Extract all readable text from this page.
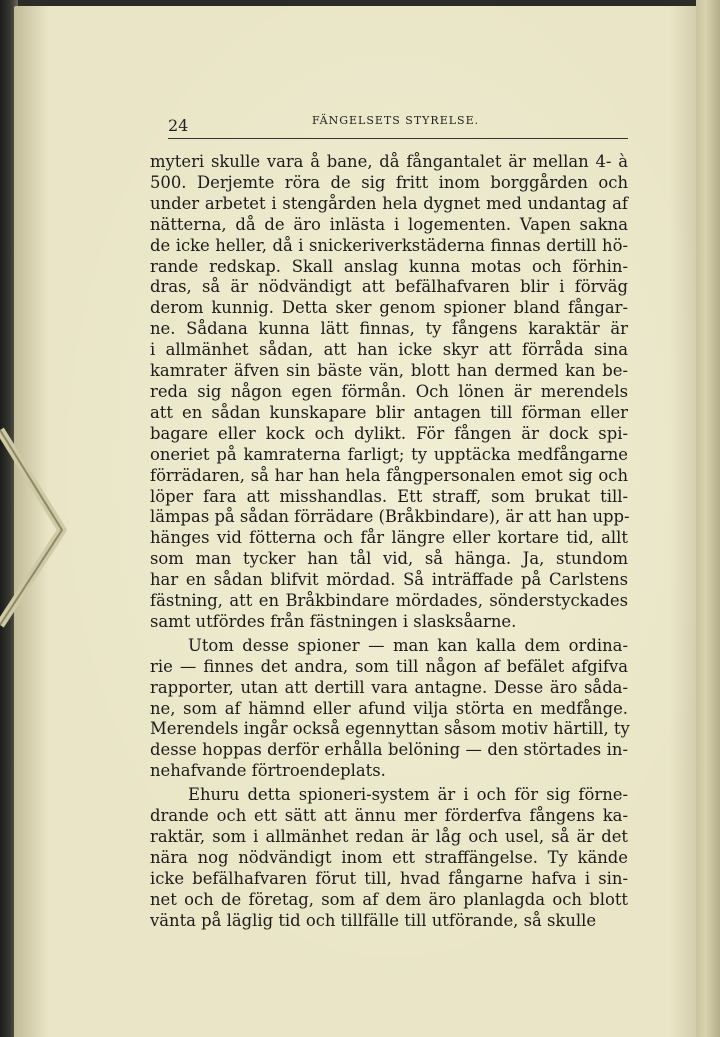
24	FÄNGELSETS STYRELSE.
myteri skulle vara å bane, då fångantalet är mellan 4- à
500. Derjemte röra de sig fritt inom borggården och
under arbetet i stengården hela dygnet med undantag af
nätterna, då de äro inlästa i logementen. Vapen sakna
de icke heller, då i snickeriverkstäderna finnas dertill hö-
rande redskap. Skall anslag kunna motas och förhin-
dras, så är nödvändigt att befälhafvaren blir i förväg
derom kunnig. Detta sker genom spioner bland fångar-
ne. Sådana kunna lätt finnas, ty fångens karaktär är
i allmänhet sådan, att han icke skyr att förråda sina
kamrater äfven sin bäste vän, blott han dermed kan be-
reda sig någon egen förmån. Och lönen är merendels
att en sådan kunskapare blir antagen till förman eller
bagare eller kock och dylikt. För fången är dock spi-
oneriet på kamraterna farligt; ty upptäcka medfångarne
förrädaren, så har han hela fångpersonalen emot sig och
löper fara att misshandlas. Ett straff, som brukat till-
lämpas på sådan förrädare (Bråkbindare), är att han upp-
hänges vid fötterna och får längre eller kortare tid, allt
som man tycker han tål vid, så hänga. Ja, stundom
har en sådan blifvit mördad. Så inträffade på Carlstens
fästning, att en Bråkbindare mördades, sönderstyckades
samt utfördes från fästningen i slasksåarne.
Utom desse spioner — man kan kalla dem ordina-
rie — finnes det andra, som till någon af befälet afgifva
rapporter, utan att dertill vara antagne. Desse äro såda-
ne, som af hämnd eller afund vilja störta en medfånge.
Merendels ingår också egennyttan såsom motiv härtill, ty
desse hoppas derför erhålla belöning — den störtades in-
nehafvande förtroendeplats.
Ehuru detta spioneri-system är i och för sig förne-
drande och ett sätt att ännu mer förderfva fångens ka-
raktär, som i allmänhet redan är låg och usel, så är det
nära nog nödvändigt inom ett straffängelse. Ty kände
icke befälhafvaren förut till, hvad fångarne hafva i sin-
net och de företag, som af dem äro planlagda och blott
vänta på läglig tid och tillfälle till utförande, så skulle
